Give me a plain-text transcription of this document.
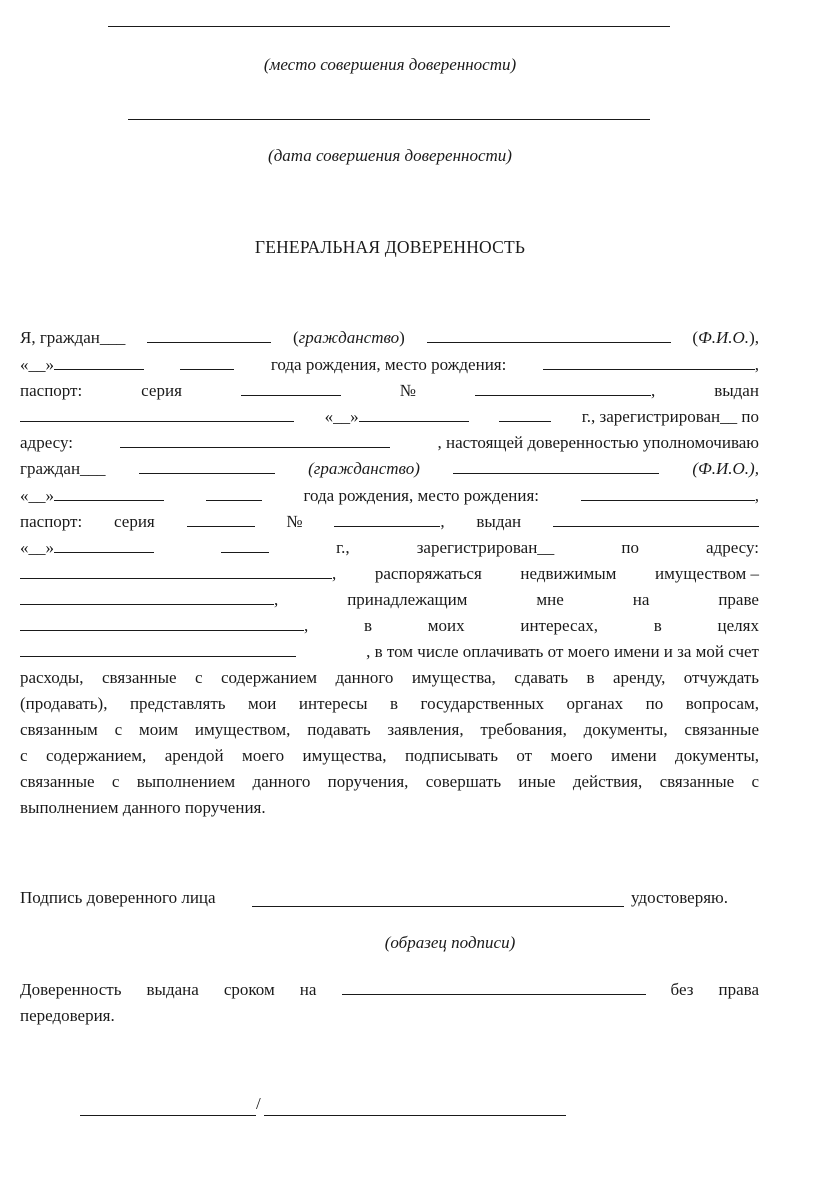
(место совершения доверенности)
(дата совершения доверенности)
ГЕНЕРАЛЬНАЯ ДОВЕРЕННОСТЬ
Я, граждан___	(гражданство)	(Ф.И.О.),
«__»	года рождения, место рождения:	,
паспорт:	серия	№	,	выдан
«__»	г., зарегистрирован__ по
адресу:	, настоящей доверенностью уполномочиваю
граждан___	(гражданство)	(Ф.И.О.),
«__»	года рождения, место рождения:	,
паспорт: серия	№	, выдан
«__»	г.,	зарегистрирован__	по	адресу:
, распоряжаться недвижимым имуществом –
,	принадлежащим	мне	на	праве
,	в	моих	интересах,	в	целях
, в том числе оплачивать от моего имени и за мой счет
расходы, связанные с содержанием данного имущества, сдавать в аренду, отчуждать
(продавать), представлять мои интересы в государственных органах по вопросам,
связанным с моим имуществом, подавать заявления, требования, документы, связанные
с содержанием, арендой моего имущества, подписывать от моего имени документы,
связанные с выполнением данного поручения, совершать иные действия, связанные с
выполнением данного поручения.
Подпись доверенного лица	удостоверяю.
(образец подписи)
Доверенность выдана сроком на	без права
передоверия.
/
